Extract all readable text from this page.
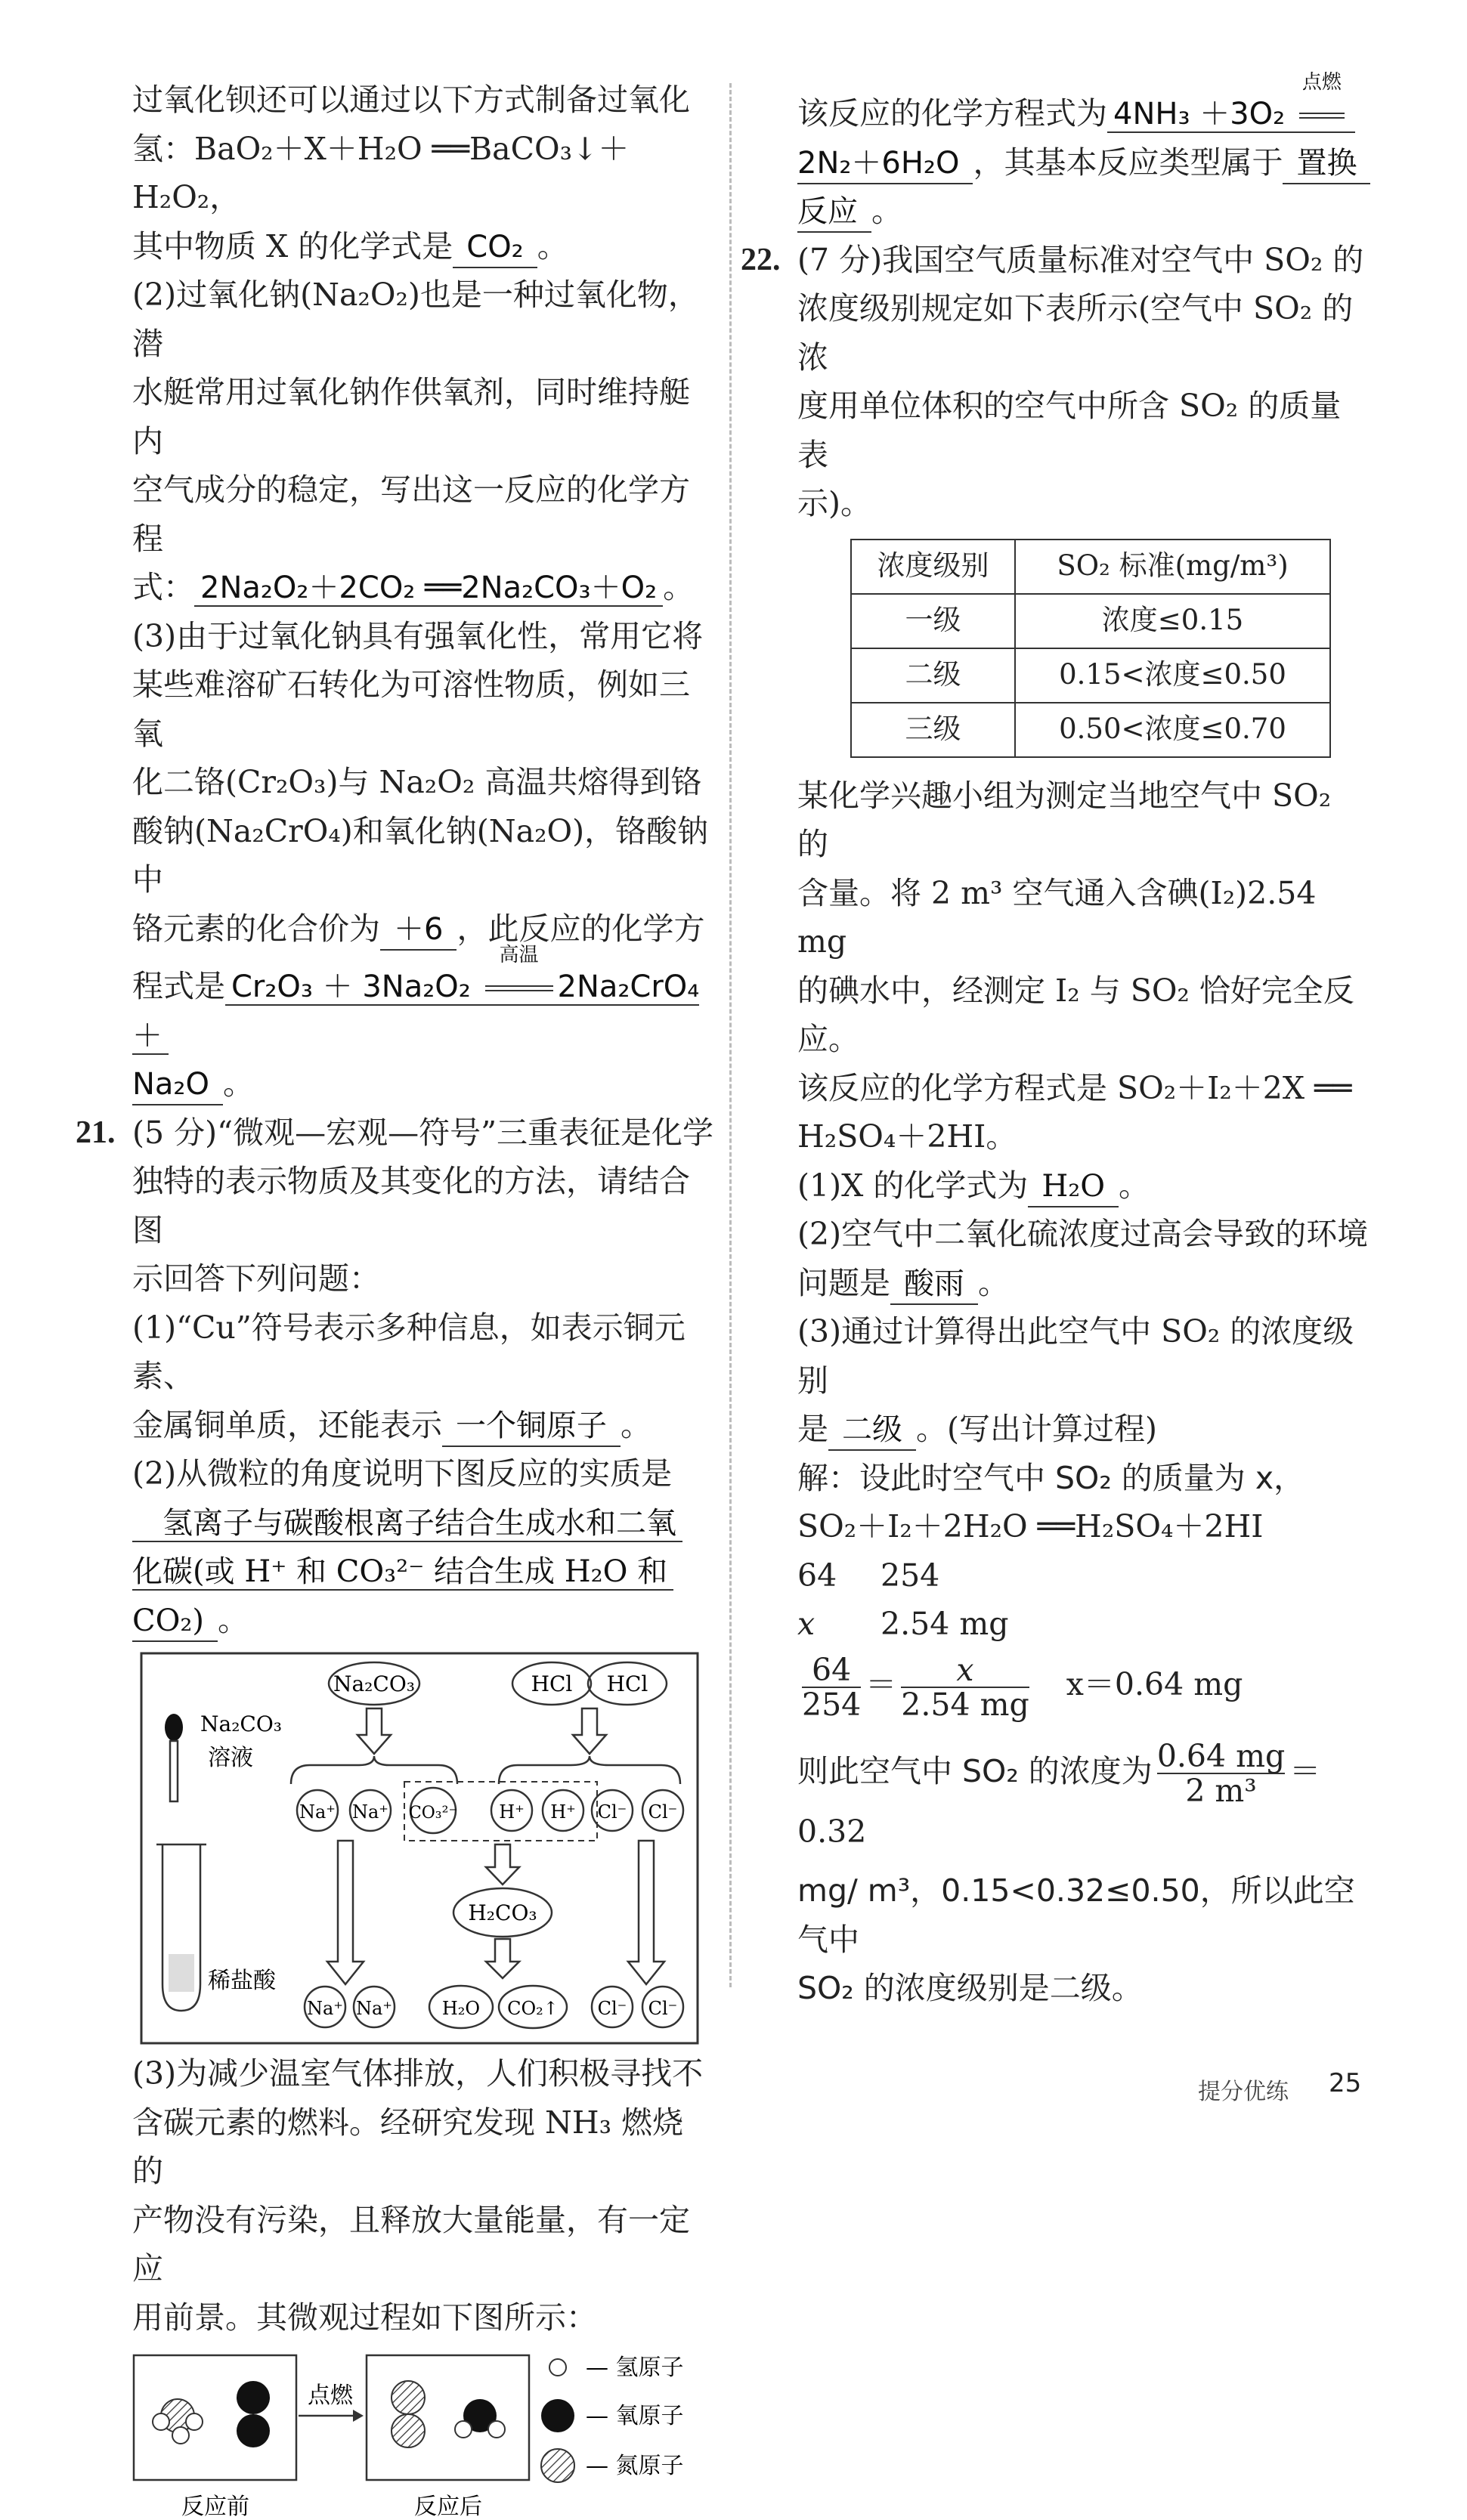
过氧化钡还可以通过以下方式制备过氧化

氢：BaO₂＋X＋H₂O ══BaCO₃↓＋H₂O₂，

其中物质 X 的化学式是 CO₂ 。

(2)过氧化钠(Na₂O₂)也是一种过氧化物，潜

水艇常用过氧化钠作供氧剂，同时维持艇内

空气成分的稳定，写出这一反应的化学方程

式： 2Na₂O₂＋2CO₂ ══2Na₂CO₃＋O₂ 。

(3)由于过氧化钠具有强氧化性，常用它将

某些难溶矿石转化为可溶性物质，例如三氧

化二铬(Cr₂O₃)与 Na₂O₂ 高温共熔得到铬

酸钠(Na₂CrO₄)和氧化钠(Na₂O)，铬酸钠中

铬元素的化合价为 ＋6 ，此反应的化学方

程式是 Cr₂O₃ ＋ 3Na₂O₂
高温
2Na₂CrO₄ ＋

Na₂O 。

21. (5 分)“微观—宏观—符号”三重表征是化学

独特的表示物质及其变化的方法，请结合图

示回答下列问题：

(1)“Cu”符号表示多种信息，如表示铜元素、

金属铜单质，还能表示 一个铜原子 。

(2)从微粒的角度说明下图反应的实质是

氢离子与碳酸根离子结合生成水和二氧

化碳(或 H⁺ 和 CO₃²⁻ 结合生成 H₂O 和

CO₂) 。

Na₂CO₃	HCl HCl
Na₂CO₃
溶液
Na⁺ Na⁺ CO₃²⁻ H⁺ H⁺ Cl⁻ Cl⁻
H₂CO₃
稀盐酸
Na⁺ Na⁺	H₂O CO₂↑ Cl⁻ Cl⁻

(3)为减少温室气体排放，人们积极寻找不

含碳元素的燃料。经研究发现 NH₃ 燃烧的

产物没有污染，且释放大量能量，有一定应

用前景。其微观过程如下图所示：

点燃
反应前	反应后
— 氢原子
— 氧原子
— 氮原子

该反应的化学方程式为 4NH₃ ＋3O₂
点燃

2N₂＋6H₂O ，其基本反应类型属于 置换

反应 。

22. (7 分)我国空气质量标准对空气中 SO₂ 的

浓度级别规定如下表所示(空气中 SO₂ 的浓

度用单位体积的空气中所含 SO₂ 的质量表

示)。

浓度级别	SO₂ 标准(mg/m³)
一级	浓度≤0.15
二级	0.15<浓度≤0.50
三级	0.50<浓度≤0.70

某化学兴趣小组为测定当地空气中 SO₂ 的

含量。将 2 m³ 空气通入含碘(I₂)2.54 mg

的碘水中，经测定 I₂ 与 SO₂ 恰好完全反应。

该反应的化学方程式是 SO₂＋I₂＋2X ══

H₂SO₄＋2HI。

(1)X 的化学式为 H₂O 。

(2)空气中二氧化硫浓度过高会导致的环境

问题是 酸雨 。

(3)通过计算得出此空气中 SO₂ 的浓度级别

是 二级 。(写出计算过程)

解：设此时空气中 SO₂ 的质量为 x，

SO₂＋I₂＋2H₂O ══H₂SO₄＋2HI

64 254

x 2.54 mg

$\frac{64}{254} = \frac{x}{2.54 mg} x=0.64$ mg

则此空气中 SO₂ 的浓度为 $\frac{0.64 mg}{\text{2 m³}} =0.32$

mg/ m³，0.15<0.32≤0.50，所以此空气中

SO₂ 的浓度级别是二级。

提分优练 25
